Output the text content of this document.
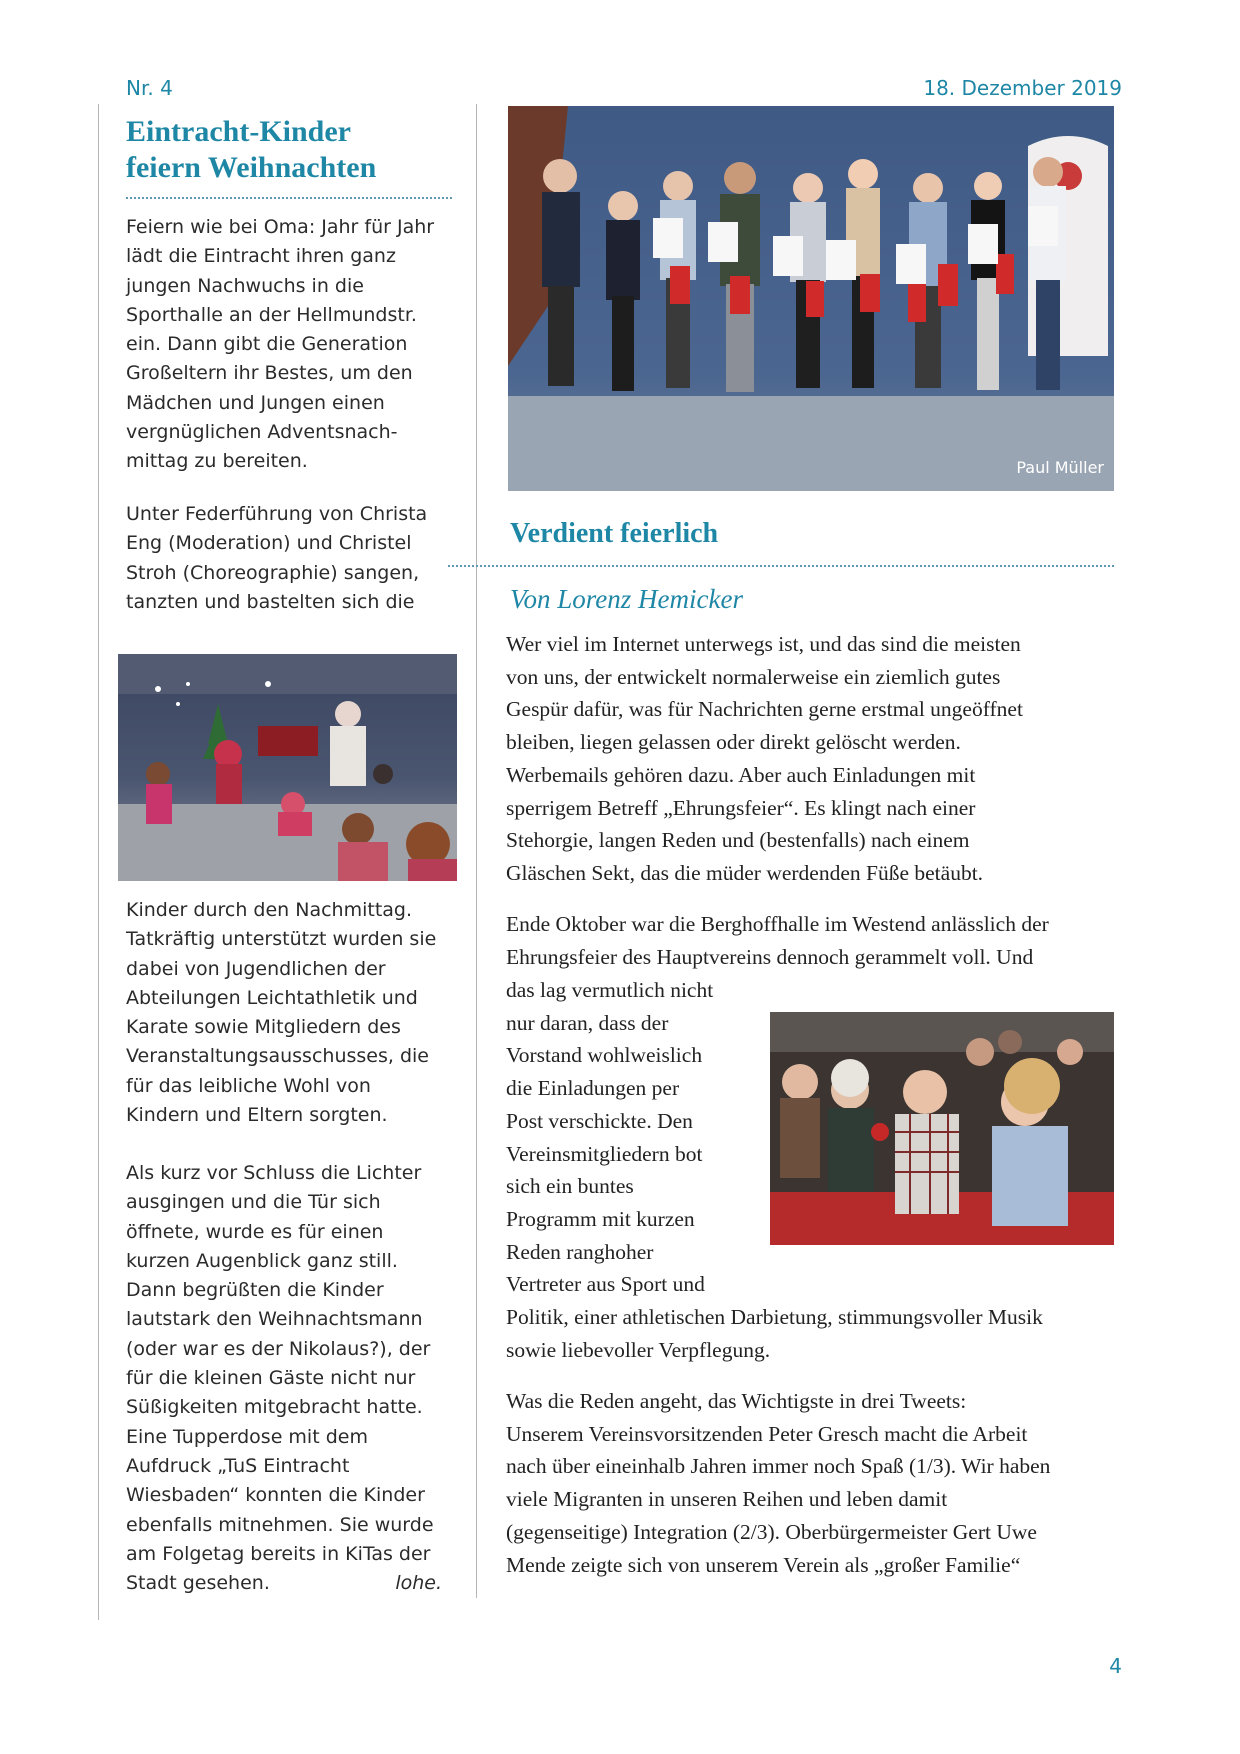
Nr. 4	18. Dezember 2019
Eintracht-Kinder
feiern Weihnachten
Feiern wie bei Oma: Jahr für Jahr
lädt die Eintracht ihren ganz
jungen Nachwuchs in die
Sporthalle an der Hellmundstr.
ein. Dann gibt die Generation
Großeltern ihr Bestes, um den
Mädchen und Jungen einen
vergnüglichen Adventsnach-
mittag zu bereiten.
Unter Federführung von Christa
Eng (Moderation) und Christel
Stroh (Choreographie) sangen,
tanzten und bastelten sich die
Kinder durch den Nachmittag.
Tatkräftig unterstützt wurden sie
dabei von Jugendlichen der
Abteilungen Leichtathletik und
Karate sowie Mitgliedern des
Veranstaltungsausschusses, die
für das leibliche Wohl von
Kindern und Eltern sorgten.
Als kurz vor Schluss die Lichter
ausgingen und die Tür sich
öffnete, wurde es für einen
kurzen Augenblick ganz still.
Dann begrüßten die Kinder
lautstark den Weihnachtsmann
(oder war es der Nikolaus?), der
für die kleinen Gäste nicht nur
Süßigkeiten mitgebracht hatte.
Eine Tupperdose mit dem
Aufdruck „TuS Eintracht
Wiesbaden“ konnten die Kinder
ebenfalls mitnehmen. Sie wurde
am Folgetag bereits in KiTas der
Stadt gesehen.	lohe.
Paul Müller
Verdient feierlich
Von Lorenz Hemicker
Wer viel im Internet unterwegs ist, und das sind die meisten
von uns, der entwickelt normalerweise ein ziemlich gutes
Gespür dafür, was für Nachrichten gerne erstmal ungeöffnet
bleiben, liegen gelassen oder direkt gelöscht werden.
Werbemails gehören dazu. Aber auch Einladungen mit
sperrigem Betreff „Ehrungsfeier“. Es klingt nach einer
Stehorgie, langen Reden und (bestenfalls) nach einem
Gläschen Sekt, das die müder werdenden Füße betäubt.
Ende Oktober war die Berghoffhalle im Westend anlässlich der
Ehrungsfeier des Hauptvereins dennoch gerammelt voll. Und
das lag vermutlich nicht
nur daran, dass der
Vorstand wohlweislich
die Einladungen per
Post verschickte. Den
Vereinsmitgliedern bot
sich ein buntes
Programm mit kurzen
Reden ranghoher
Vertreter aus Sport und
Politik, einer athletischen Darbietung, stimmungsvoller Musik
sowie liebevoller Verpflegung.
Was die Reden angeht, das Wichtigste in drei Tweets:
Unserem Vereinsvorsitzenden Peter Gresch macht die Arbeit
nach über eineinhalb Jahren immer noch Spaß (1/3). Wir haben
viele Migranten in unseren Reihen und leben damit
(gegenseitige) Integration (2/3). Oberbürgermeister Gert Uwe
Mende zeigte sich von unserem Verein als „großer Familie“
4
